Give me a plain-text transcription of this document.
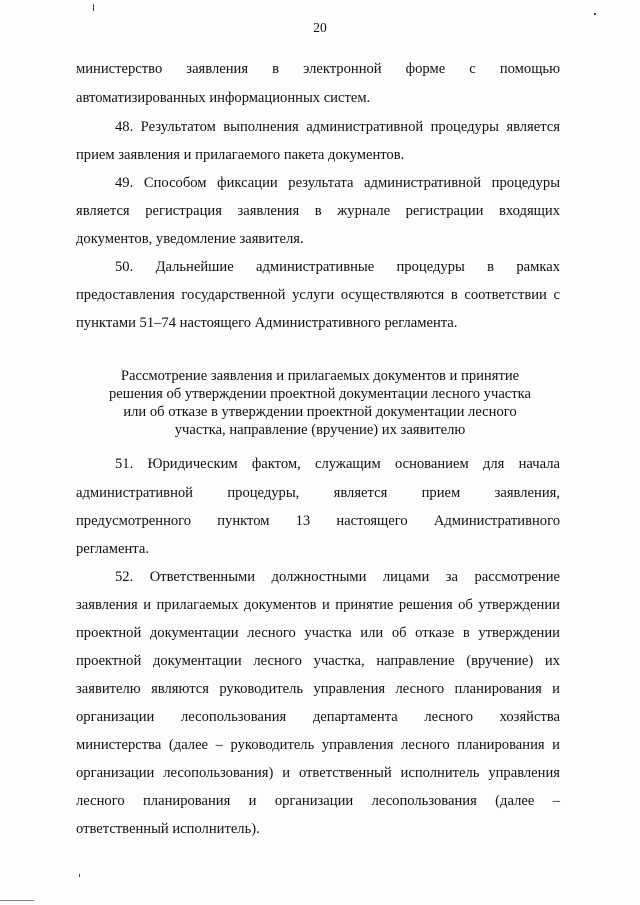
20
министерство заявления в электронной форме с помощью
автоматизированных информационных систем.
48. Результатом выполнения административной процедуры является
прием заявления и прилагаемого пакета документов.
49. Способом фиксации результата административной процедуры
является регистрация заявления в журнале регистрации входящих
документов, уведомление заявителя.
50. Дальнейшие административные процедуры в рамках
предоставления государственной услуги осуществляются в соответствии с
пунктами 51–74 настоящего Административного регламента.
Рассмотрение заявления и прилагаемых документов и принятие
решения об утверждении проектной документации лесного участка
или об отказе в утверждении проектной документации лесного
участка, направление (вручение) их заявителю
51. Юридическим фактом, служащим основанием для начала
административной процедуры, является прием заявления,
предусмотренного пунктом 13 настоящего Административного
регламента.
52. Ответственными должностными лицами за рассмотрение
заявления и прилагаемых документов и принятие решения об утверждении
проектной документации лесного участка или об отказе в утверждении
проектной документации лесного участка, направление (вручение) их
заявителю являются руководитель управления лесного планирования и
организации лесопользования департамента лесного хозяйства
министерства (далее – руководитель управления лесного планирования и
организации лесопользования) и ответственный исполнитель управления
лесного планирования и организации лесопользования (далее –
ответственный исполнитель).
